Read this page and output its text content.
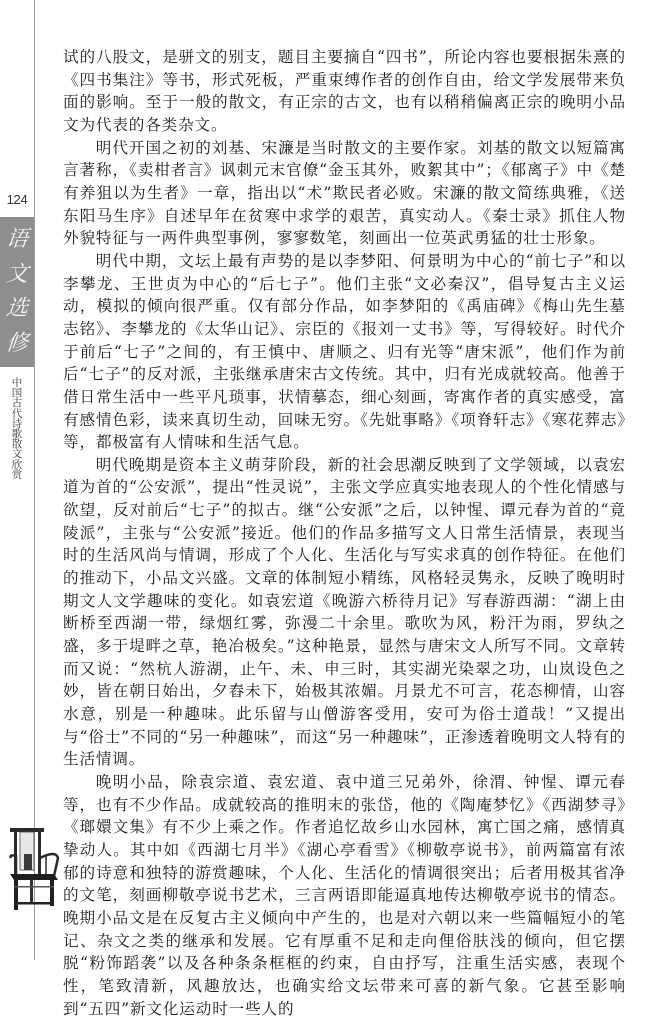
124
语
文
选
修
中
国
古
代
诗
歌
散
文
欣
赏

试的八股文，是骈文的别支，题目主要摘自“四书”，所论内容也要根据朱熹的《四书集注》等书，形式死板，严重束缚作者的创作自由，给文学发展带来负面的影响。至于一般的散文，有正宗的古文，也有以稍稍偏离正宗的晚明小品文为代表的各类杂文。

明代开国之初的刘基、宋濂是当时散文的主要作家。刘基的散文以短篇寓言著称，《卖柑者言》讽刺元末官僚“金玉其外，败絮其中”；《郁离子》中《楚有养狙以为生者》一章，指出以“术”欺民者必败。宋濂的散文简练典雅，《送东阳马生序》自述早年在贫寒中求学的艰苦，真实动人。《秦士录》抓住人物外貌特征与一两件典型事例，寥寥数笔，刻画出一位英武勇猛的壮士形象。

明代中期，文坛上最有声势的是以李梦阳、何景明为中心的“前七子”和以李攀龙、王世贞为中心的“后七子”。他们主张“文必秦汉”，倡导复古主义运动，模拟的倾向很严重。仅有部分作品，如李梦阳的《禹庙碑》《梅山先生墓志铭》、李攀龙的《太华山记》、宗臣的《报刘一丈书》等，写得较好。时代介于前后“七子”之间的，有王慎中、唐顺之、归有光等“唐宋派”，他们作为前后“七子”的反对派，主张继承唐宋古文传统。其中，归有光成就较高。他善于借日常生活中一些平凡琐事，状情摹态，细心刻画，寄寓作者的真实感受，富有感情色彩，读来真切生动，回味无穷。《先妣事略》《项脊轩志》《寒花葬志》等，都极富有人情味和生活气息。

明代晚期是资本主义萌芽阶段，新的社会思潮反映到了文学领域，以袁宏道为首的“公安派”，提出“性灵说”，主张文学应真实地表现人的个性化情感与欲望，反对前后“七子”的拟古。继“公安派”之后，以钟惺、谭元春为首的“竟陵派”，主张与“公安派”接近。他们的作品多描写文人日常生活情景，表现当时的生活风尚与情调，形成了个人化、生活化与写实求真的创作特征。在他们的推动下，小品文兴盛。文章的体制短小精练，风格轻灵隽永，反映了晚明时期文人文学趣味的变化。如袁宏道《晚游六桥待月记》写春游西湖：“湖上由断桥至西湖一带，绿烟红雾，弥漫二十余里。歌吹为风，粉汗为雨，罗纨之盛，多于堤畔之草，艳冶极矣。”这种艳景，显然与唐宋文人所写不同。文章转而又说：“然杭人游湖，止午、未、申三时，其实湖光染翠之功，山岚设色之妙，皆在朝日始出，夕舂未下，始极其浓媚。月景尤不可言，花态柳情，山容水意，别是一种趣味。此乐留与山僧游客受用，安可为俗士道哉！”又提出与“俗士”不同的“另一种趣味”，而这“另一种趣味”，正渗透着晚明文人特有的生活情调。

晚明小品，除袁宗道、袁宏道、袁中道三兄弟外，徐渭、钟惺、谭元春等，也有不少作品。成就较高的推明末的张岱，他的《陶庵梦忆》《西湖梦寻》《瑯嬛文集》有不少上乘之作。作者追忆故乡山水园林，寓亡国之痛，感情真挚动人。其中如《西湖七月半》《湖心亭看雪》《柳敬亭说书》，前两篇富有浓郁的诗意和独特的游赏趣味，个人化、生活化的情调很突出；后者用极其省净的文笔，刻画柳敬亭说书艺术，三言两语即能逼真地传达柳敬亭说书的情态。晚期小品文是在反复古主义倾向中产生的，也是对六朝以来一些篇幅短小的笔记、杂文之类的继承和发展。它有厚重不足和走向俚俗肤浅的倾向，但它摆脱“粉饰蹈袭”以及各种条条框框的约束，自由抒写，注重生活实感，表现个性，笔致清新，风趣放达，也确实给文坛带来可喜的新气象。它甚至影响到“五四”新文化运动时一些人的
